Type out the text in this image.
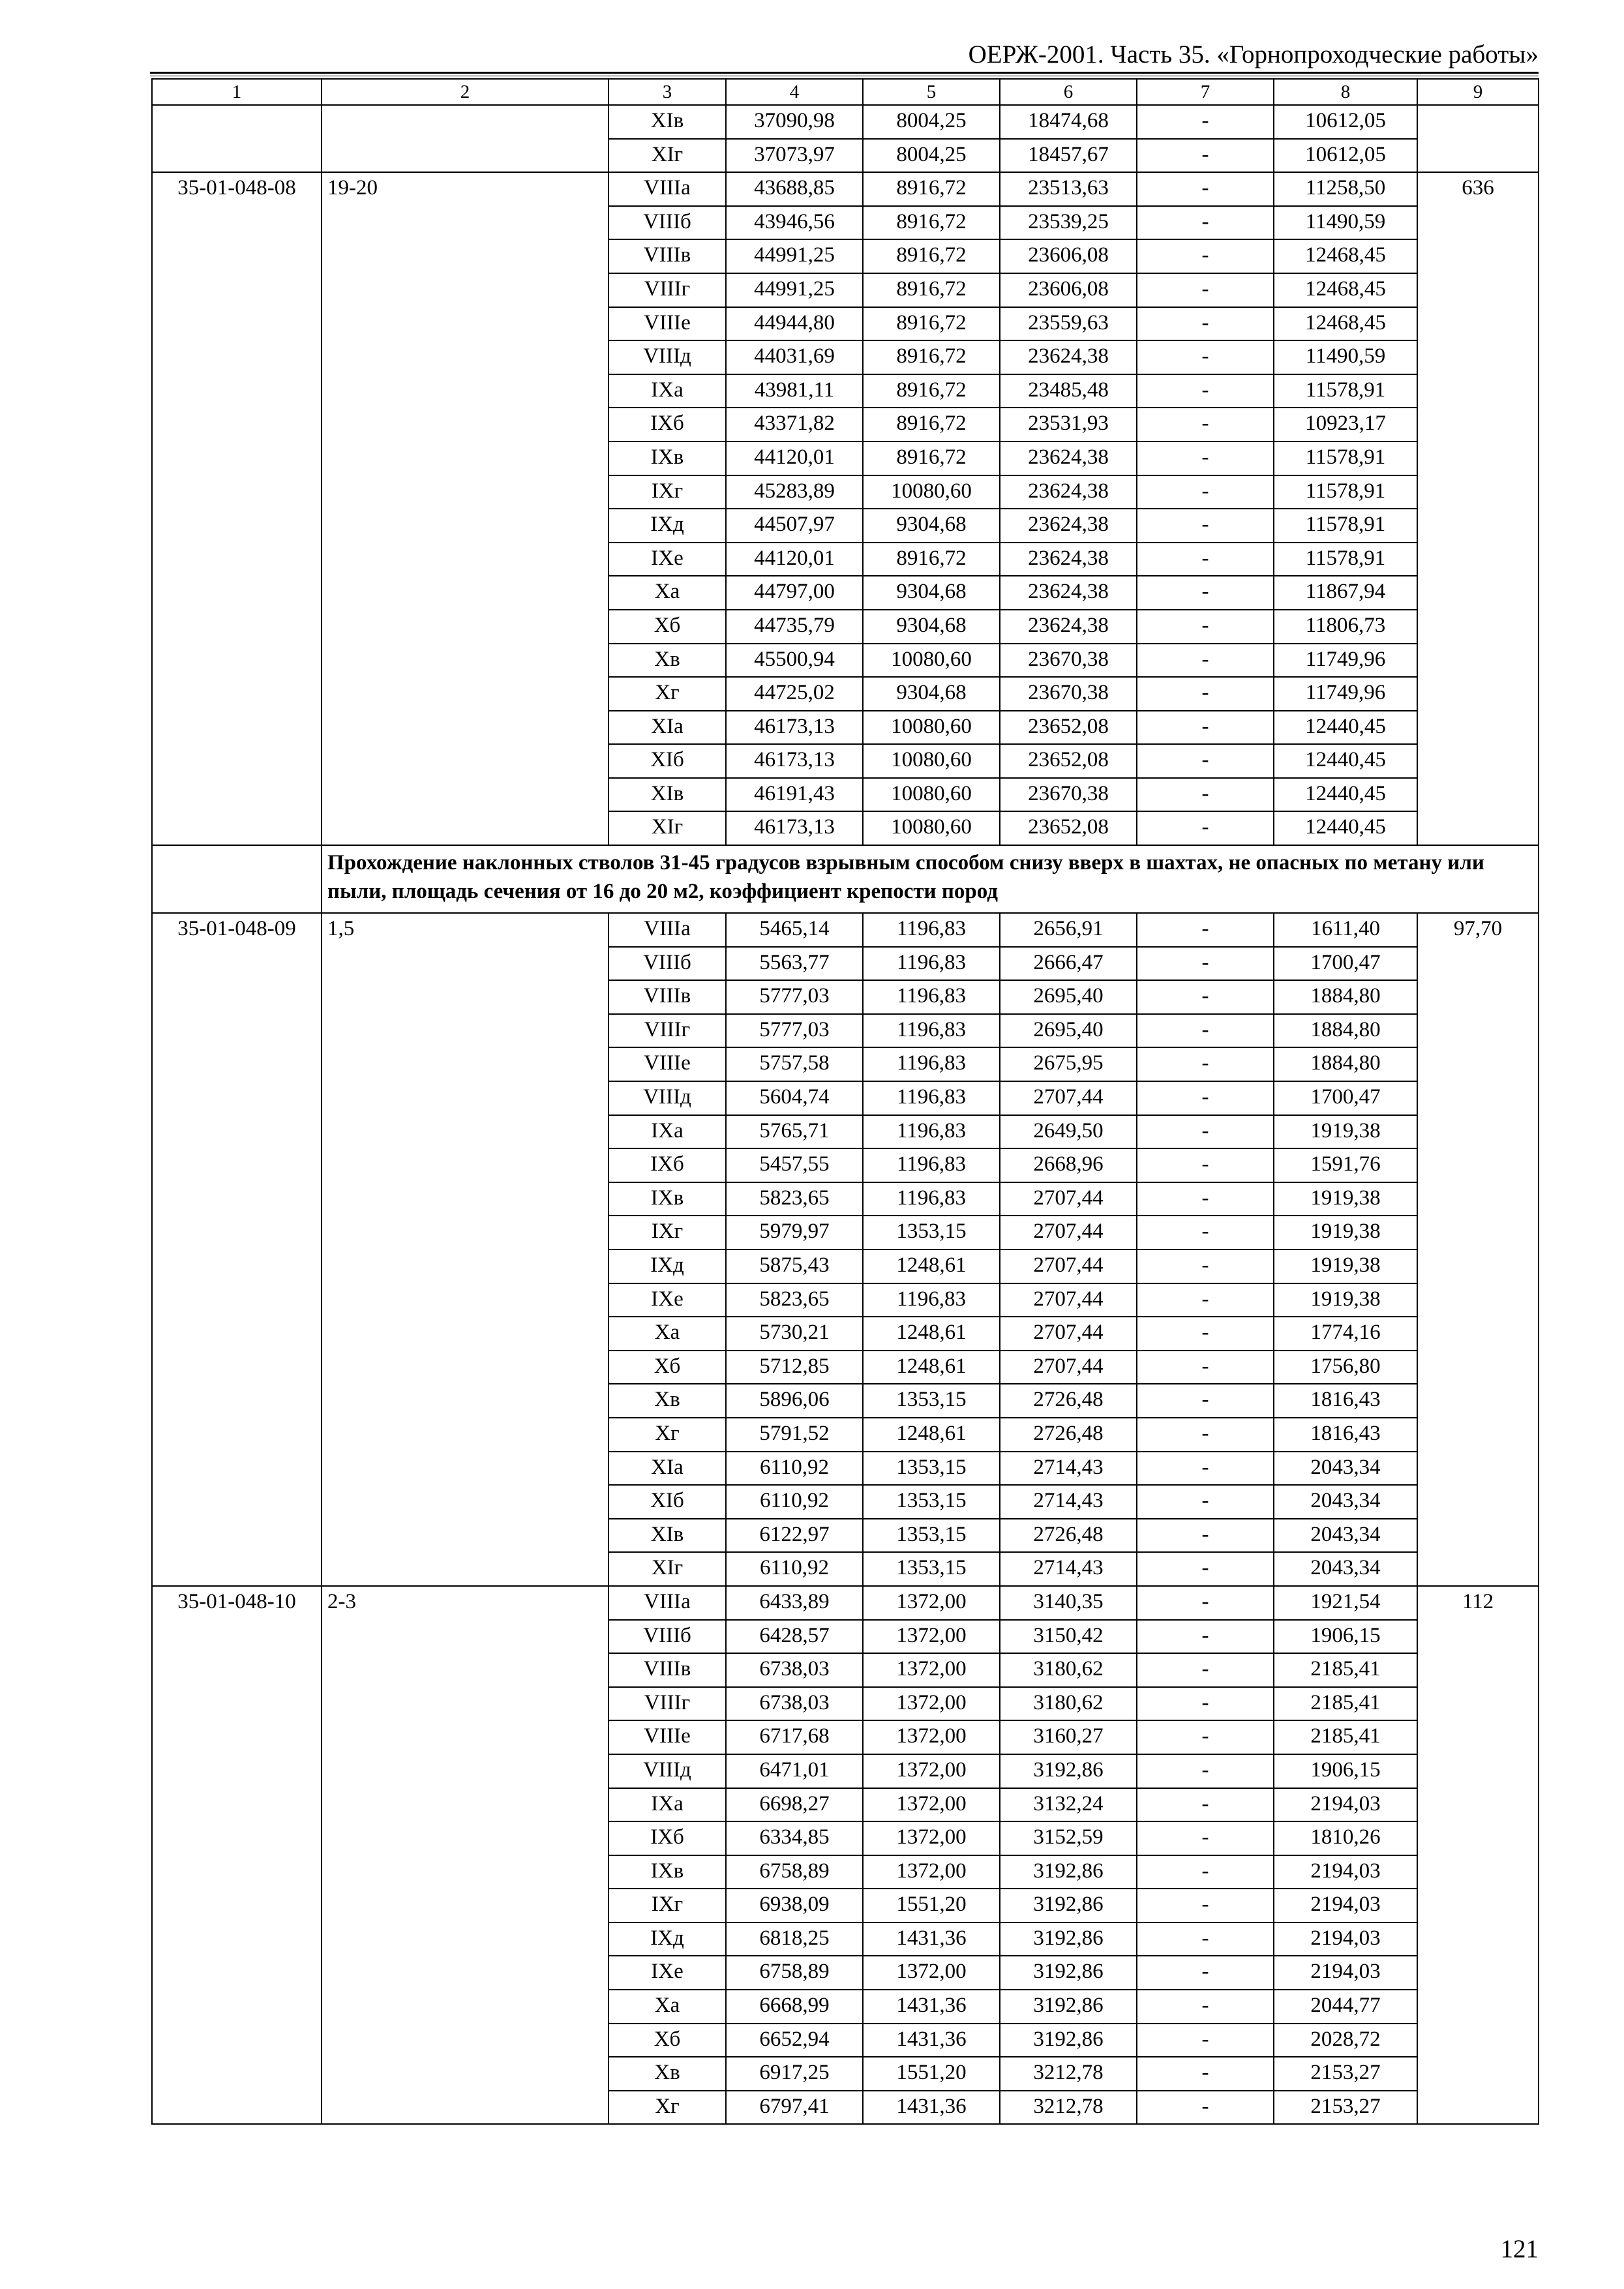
ОЕРЖ-2001. Часть 35. «Горнопроходческие работы»
1	2	3	4	5	6	7	8	9
		XIв	37090,98	8004,25	18474,68	-	10612,05	
		XIг	37073,97	8004,25	18457,67	-	10612,05	
35-01-048-08	19-20	VIIIа	43688,85	8916,72	23513,63	-	11258,50	636
		VIIIб	43946,56	8916,72	23539,25	-	11490,59	
		VIIIв	44991,25	8916,72	23606,08	-	12468,45	
		VIIIг	44991,25	8916,72	23606,08	-	12468,45	
		VIIIе	44944,80	8916,72	23559,63	-	12468,45	
		VIIIд	44031,69	8916,72	23624,38	-	11490,59	
		IXа	43981,11	8916,72	23485,48	-	11578,91	
		IXб	43371,82	8916,72	23531,93	-	10923,17	
		IXв	44120,01	8916,72	23624,38	-	11578,91	
		IXг	45283,89	10080,60	23624,38	-	11578,91	
		IXд	44507,97	9304,68	23624,38	-	11578,91	
		IXе	44120,01	8916,72	23624,38	-	11578,91	
		Xа	44797,00	9304,68	23624,38	-	11867,94	
		Xб	44735,79	9304,68	23624,38	-	11806,73	
		Xв	45500,94	10080,60	23670,38	-	11749,96	
		Xг	44725,02	9304,68	23670,38	-	11749,96	
		XIа	46173,13	10080,60	23652,08	-	12440,45	
		XIб	46173,13	10080,60	23652,08	-	12440,45	
		XIв	46191,43	10080,60	23670,38	-	12440,45	
		XIг	46173,13	10080,60	23652,08	-	12440,45	
	Прохождение наклонных стволов 31-45 градусов взрывным способом снизу вверх в шахтах, не опасных по метану или пыли, площадь сечения от 16 до 20 м2, коэффициент крепости пород							
35-01-048-09	1,5	VIIIа	5465,14	1196,83	2656,91	-	1611,40	97,70
		VIIIб	5563,77	1196,83	2666,47	-	1700,47	
		VIIIв	5777,03	1196,83	2695,40	-	1884,80	
		VIIIг	5777,03	1196,83	2695,40	-	1884,80	
		VIIIе	5757,58	1196,83	2675,95	-	1884,80	
		VIIIд	5604,74	1196,83	2707,44	-	1700,47	
		IXа	5765,71	1196,83	2649,50	-	1919,38	
		IXб	5457,55	1196,83	2668,96	-	1591,76	
		IXв	5823,65	1196,83	2707,44	-	1919,38	
		IXг	5979,97	1353,15	2707,44	-	1919,38	
		IXд	5875,43	1248,61	2707,44	-	1919,38	
		IXе	5823,65	1196,83	2707,44	-	1919,38	
		Xа	5730,21	1248,61	2707,44	-	1774,16	
		Xб	5712,85	1248,61	2707,44	-	1756,80	
		Xв	5896,06	1353,15	2726,48	-	1816,43	
		Xг	5791,52	1248,61	2726,48	-	1816,43	
		XIа	6110,92	1353,15	2714,43	-	2043,34	
		XIб	6110,92	1353,15	2714,43	-	2043,34	
		XIв	6122,97	1353,15	2726,48	-	2043,34	
		XIг	6110,92	1353,15	2714,43	-	2043,34	
35-01-048-10	2-3	VIIIа	6433,89	1372,00	3140,35	-	1921,54	112
		VIIIб	6428,57	1372,00	3150,42	-	1906,15	
		VIIIв	6738,03	1372,00	3180,62	-	2185,41	
		VIIIг	6738,03	1372,00	3180,62	-	2185,41	
		VIIIе	6717,68	1372,00	3160,27	-	2185,41	
		VIIIд	6471,01	1372,00	3192,86	-	1906,15	
		IXа	6698,27	1372,00	3132,24	-	2194,03	
		IXб	6334,85	1372,00	3152,59	-	1810,26	
		IXв	6758,89	1372,00	3192,86	-	2194,03	
		IXг	6938,09	1551,20	3192,86	-	2194,03	
		IXд	6818,25	1431,36	3192,86	-	2194,03	
		IXе	6758,89	1372,00	3192,86	-	2194,03	
		Xа	6668,99	1431,36	3192,86	-	2044,77	
		Xб	6652,94	1431,36	3192,86	-	2028,72	
		Xв	6917,25	1551,20	3212,78	-	2153,27	
		Xг	6797,41	1431,36	3212,78	-	2153,27	
121
